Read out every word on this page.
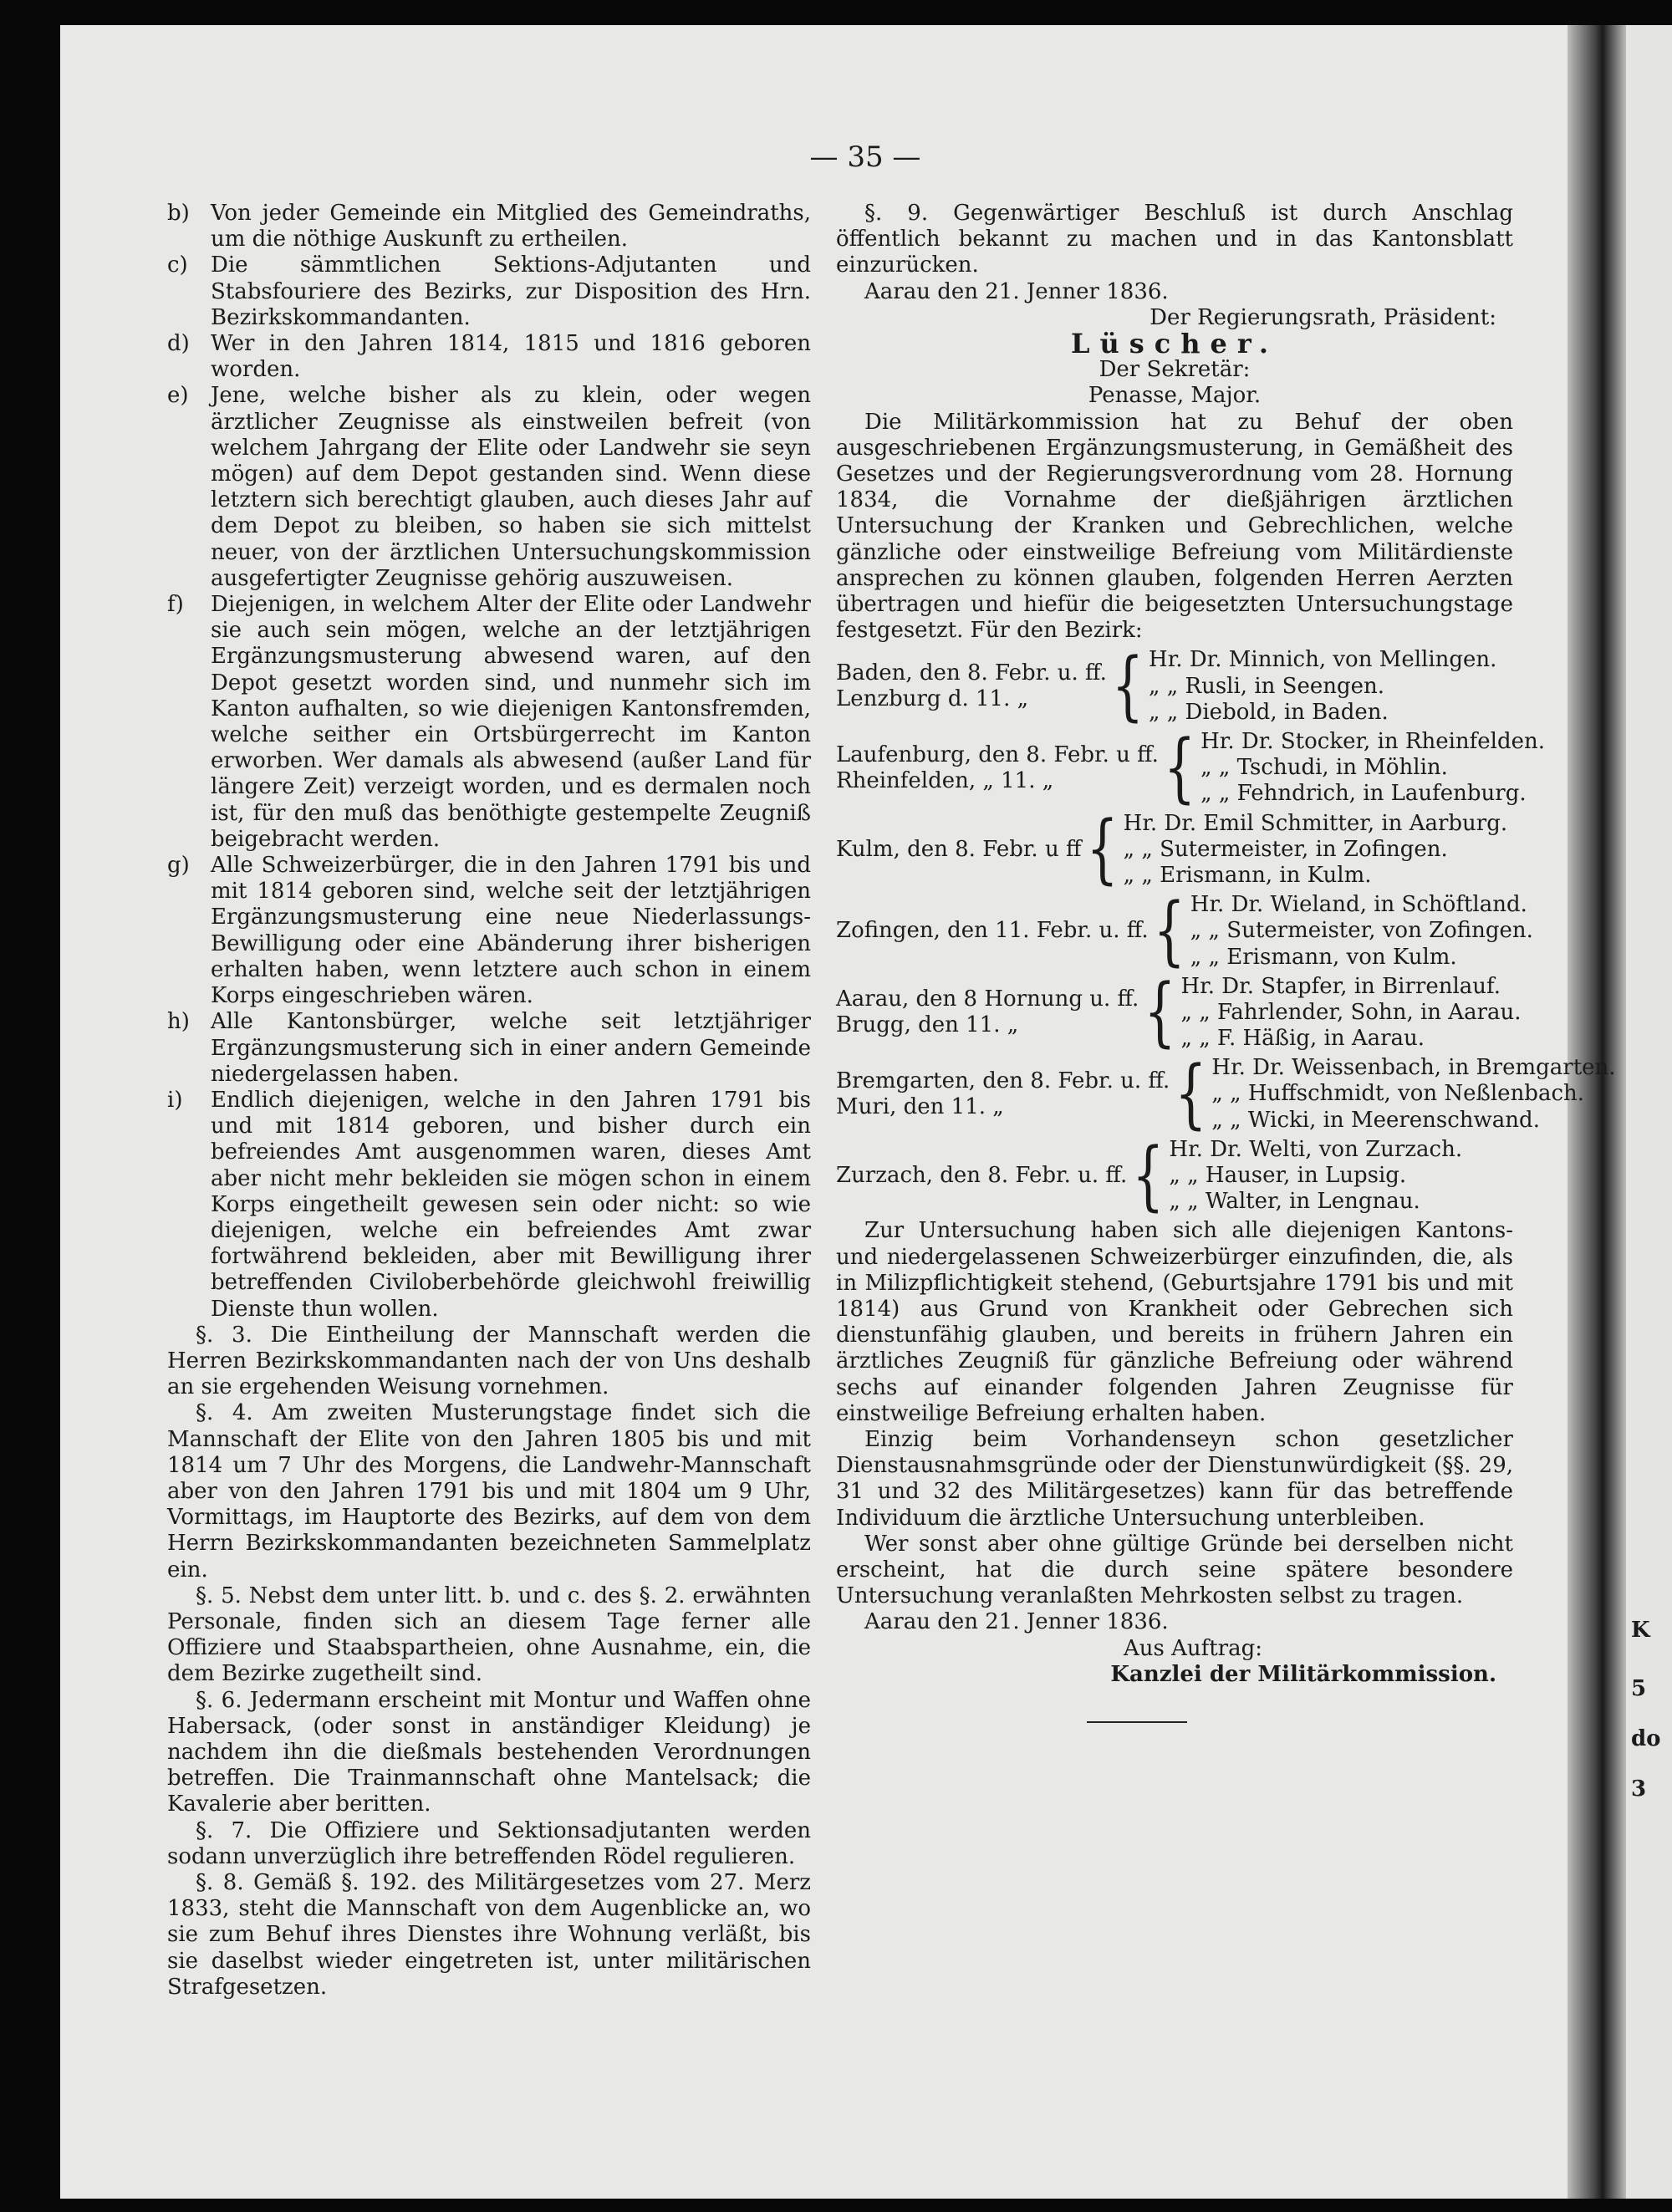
K
5
do
3
— 35 —
b) Von jeder Gemeinde ein Mitglied des Gemeindraths, um die nöthige Auskunft zu ertheilen.
c)	Die sämmtlichen Sektions-Adjutanten und Stabsfouriere des Bezirks, zur Disposition des Hrn. Bezirkskommandanten.
d) Wer in den Jahren 1814, 1815 und 1816 geboren worden.
e)	Jene, welche bisher als zu klein, oder wegen ärztlicher Zeugnisse als einstweilen befreit (von welchem Jahrgang der Elite oder Landwehr sie seyn mögen) auf dem Depot gestanden sind. Wenn diese letztern sich berechtigt glauben, auch dieses Jahr auf dem Depot zu bleiben, so haben sie sich mittelst neuer, von der ärztlichen Untersuchungskommission ausgefertigter Zeugnisse gehörig auszuweisen.
f)	Diejenigen, in welchem Alter der Elite oder Landwehr sie auch sein mögen, welche an der letztjährigen Ergänzungsmusterung abwesend waren, auf den Depot gesetzt worden sind, und nunmehr sich im Kanton aufhalten, so wie diejenigen Kantonsfremden, welche seither ein Ortsbürgerrecht im Kanton erworben. Wer damals als abwesend (außer Land für längere Zeit) verzeigt worden, und es dermalen noch ist, für den muß das benöthigte gestempelte Zeugniß beigebracht werden.
g) Alle Schweizerbürger, die in den Jahren 1791 bis und mit 1814 geboren sind, welche seit der letztjährigen Ergänzungsmusterung eine neue Niederlassungs-Bewilligung oder eine Abänderung ihrer bisherigen erhalten haben, wenn letztere auch schon in einem Korps eingeschrieben wären.
h) Alle Kantonsbürger, welche seit letztjähriger Ergänzungsmusterung sich in einer andern Gemeinde niedergelassen haben.
i)	Endlich diejenigen, welche in den Jahren 1791 bis und mit 1814 geboren, und bisher durch ein befreiendes Amt ausgenommen waren, dieses Amt aber nicht mehr bekleiden sie mögen schon in einem Korps eingetheilt gewesen sein oder nicht: so wie diejenigen, welche ein befreiendes Amt zwar fortwährend bekleiden, aber mit Bewilligung ihrer betreffenden Civiloberbehörde gleichwohl freiwillig Dienste thun wollen.
§. 3. Die Eintheilung der Mannschaft werden die Herren Bezirkskommandanten nach der von Uns deshalb an sie ergehenden Weisung vornehmen.
§. 4. Am zweiten Musterungstage findet sich die Mannschaft der Elite von den Jahren 1805 bis und mit 1814 um 7 Uhr des Morgens, die Landwehr-Mannschaft aber von den Jahren 1791 bis und mit 1804 um 9 Uhr, Vormittags, im Hauptorte des Bezirks, auf dem von dem Herrn Bezirkskommandanten bezeichneten Sammelplatz ein.
§. 5. Nebst dem unter litt. b. und c. des §. 2. erwähnten Personale, finden sich an diesem Tage ferner alle Offiziere und Staabspartheien, ohne Ausnahme, ein, die dem Bezirke zugetheilt sind.
§. 6. Jedermann erscheint mit Montur und Waffen ohne Habersack, (oder sonst in anständiger Kleidung) je nachdem ihn die dießmals bestehenden Verordnungen betreffen. Die Trainmannschaft ohne Mantelsack; die Kavalerie aber beritten.
§. 7. Die Offiziere und Sektionsadjutanten werden sodann unverzüglich ihre betreffenden Rödel regulieren.
§. 8. Gemäß §. 192. des Militärgesetzes vom 27. Merz 1833, steht die Mannschaft von dem Augenblicke an, wo sie zum Behuf ihres Dienstes ihre Wohnung verläßt, bis sie daselbst wieder eingetreten ist, unter militärischen Strafgesetzen.
§. 9. Gegenwärtiger Beschluß ist durch Anschlag öffentlich bekannt zu machen und in das Kantonsblatt einzurücken.
Aarau den 21. Jenner 1836.
Der Regierungsrath, Präsident:
Lüscher.
Der Sekretär:
Penasse, Major.
Die Militärkommission hat zu Behuf der oben ausgeschriebenen Ergänzungsmusterung, in Gemäßheit des Gesetzes und der Regierungsverordnung vom 28. Hornung 1834, die Vornahme der dießjährigen ärztlichen Untersuchung der Kranken und Gebrechlichen, welche gänzliche oder einstweilige Befreiung vom Militärdienste ansprechen zu können glauben, folgenden Herren Aerzten übertragen und hiefür die beigesetzten Untersuchungstage festgesetzt. Für den Bezirk:
Baden, den 8. Febr. u. ff.
Lenzburg d. 11. „	{ Hr. Dr. Minnich, von Mellingen.
„ „ Rusli, in Seengen.
„ „ Diebold, in Baden.
Laufenburg, den 8. Febr. u ff.
Rheinfelden, „ 11. „	{ Hr. Dr. Stocker, in Rheinfelden.
„ „ Tschudi, in Möhlin.
„ „ Fehndrich, in Laufenburg.
Kulm, den 8. Febr. u ff { Hr. Dr. Emil Schmitter, in Aarburg.
„ „ Sutermeister, in Zofingen.
„ „ Erismann, in Kulm.
Zofingen, den 11. Febr. u. ff. { Hr. Dr. Wieland, in Schöftland.
„ „ Sutermeister, von Zofingen.
„ „ Erismann, von Kulm.
Aarau, den 8 Hornung u. ff.
Brugg, den 11. „	{ Hr. Dr. Stapfer, in Birrenlauf.
„ „ Fahrlender, Sohn, in Aarau.
„ „ F. Häßig, in Aarau.
Bremgarten, den 8. Febr. u. ff.
Muri, den 11. „	{ Hr. Dr. Weissenbach, in Bremgarten.
„ „ Huffschmidt, von Neßlenbach.
„ „ Wicki, in Meerenschwand.
Zurzach, den 8. Febr. u. ff. { Hr. Dr. Welti, von Zurzach.
„ „ Hauser, in Lupsig.
„ „ Walter, in Lengnau.
Zur Untersuchung haben sich alle diejenigen Kantons- und niedergelassenen Schweizerbürger einzufinden, die, als in Milizpflichtigkeit stehend, (Geburtsjahre 1791 bis und mit 1814) aus Grund von Krankheit oder Gebrechen sich dienstunfähig glauben, und bereits in frühern Jahren ein ärztliches Zeugniß für gänzliche Befreiung oder während sechs auf einander folgenden Jahren Zeugnisse für einstweilige Befreiung erhalten haben.
Einzig beim Vorhandenseyn schon gesetzlicher Dienstausnahmsgründe oder der Dienstunwürdigkeit (§§. 29, 31 und 32 des Militärgesetzes) kann für das betreffende Individuum die ärztliche Untersuchung unterbleiben.
Wer sonst aber ohne gültige Gründe bei derselben nicht erscheint, hat die durch seine spätere besondere Untersuchung veranlaßten Mehrkosten selbst zu tragen.
Aarau den 21. Jenner 1836.
Aus Auftrag:
Kanzlei der Militärkommission.
